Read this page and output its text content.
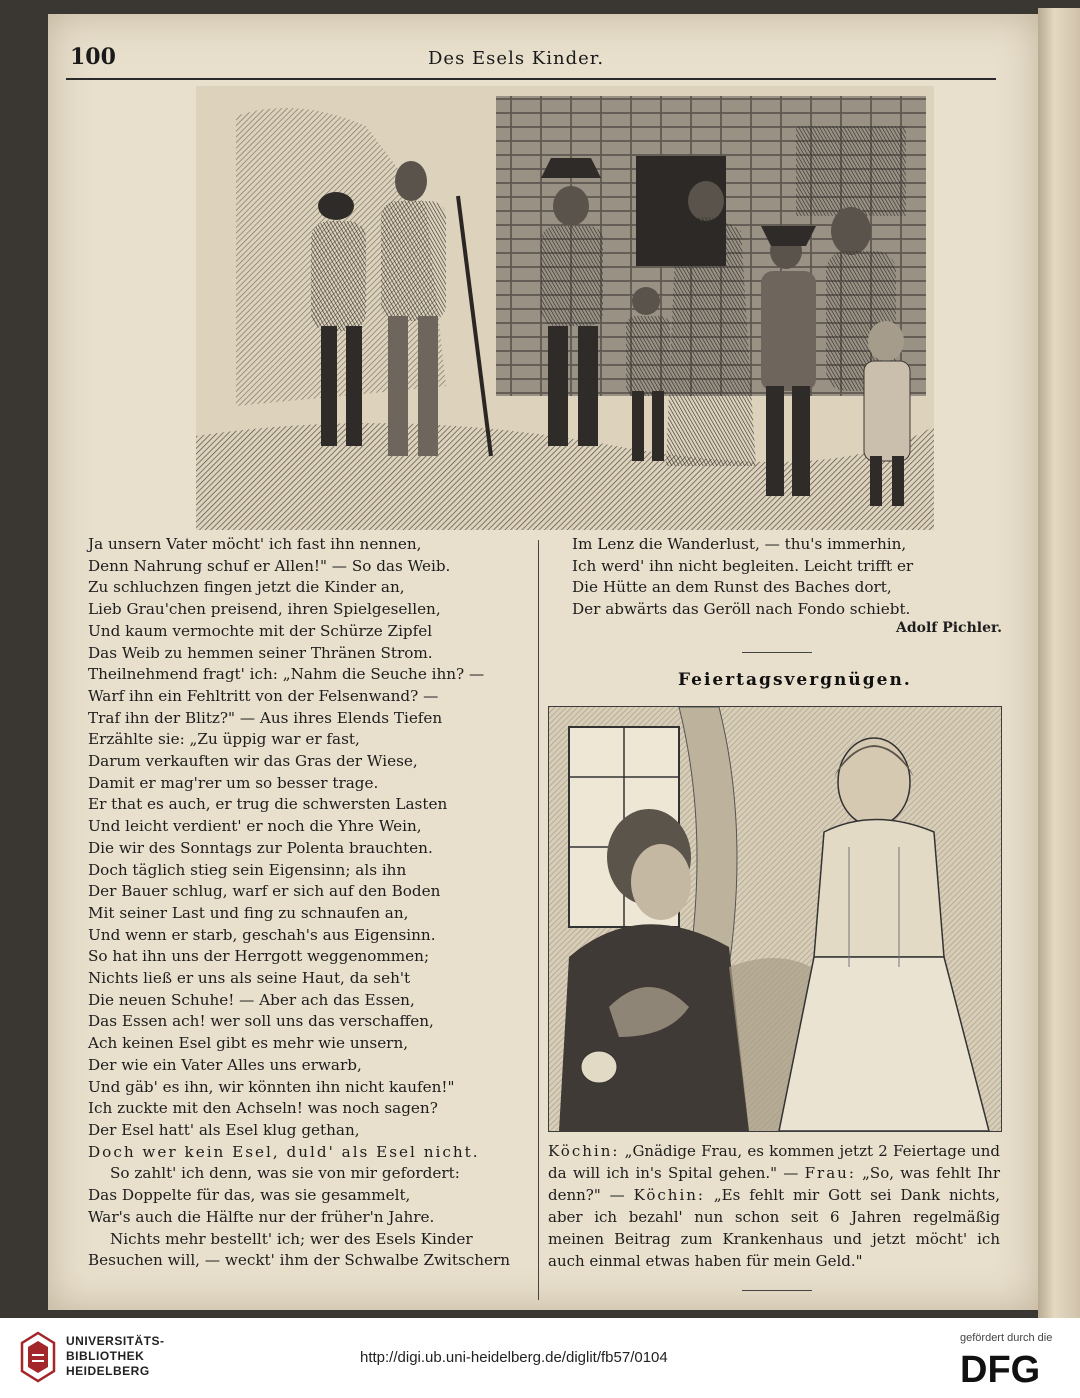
100	Des Esels Kinder.

Ja unsern Vater möcht' ich fast ihn nennen,

Denn Nahrung schuf er Allen!" — So das Weib.

Zu schluchzen fingen jetzt die Kinder an,

Lieb Grau'chen preisend, ihren Spielgesellen,

Und kaum vermochte mit der Schürze Zipfel

Das Weib zu hemmen seiner Thränen Strom.

Theilnehmend fragt' ich: „Nahm die Seuche ihn? —

Warf ihn ein Fehltritt von der Felsenwand? —

Traf ihn der Blitz?" — Aus ihres Elends Tiefen

Erzählte sie: „Zu üppig war er fast,

Darum verkauften wir das Gras der Wiese,

Damit er mag'rer um so besser trage.

Er that es auch, er trug die schwersten Lasten

Und leicht verdient' er noch die Yhre Wein,

Die wir des Sonntags zur Polenta brauchten.

Doch täglich stieg sein Eigensinn; als ihn

Der Bauer schlug, warf er sich auf den Boden

Mit seiner Last und fing zu schnaufen an,

Und wenn er starb, geschah's aus Eigensinn.

So hat ihn uns der Herrgott weggenommen;

Nichts ließ er uns als seine Haut, da seh't

Die neuen Schuhe! — Aber ach das Essen,

Das Essen ach! wer soll uns das verschaffen,

Ach keinen Esel gibt es mehr wie unsern,

Der wie ein Vater Alles uns erwarb,

Und gäb' es ihn, wir könnten ihn nicht kaufen!"

Ich zuckte mit den Achseln! was noch sagen?

Der Esel hatt' als Esel klug gethan,

Doch wer kein Esel, duld' als Esel nicht.

So zahlt' ich denn, was sie von mir gefordert:

Das Doppelte für das, was sie gesammelt,

War's auch die Hälfte nur der früher'n Jahre.

Nichts mehr bestellt' ich; wer des Esels Kinder

Besuchen will, — weckt' ihm der Schwalbe Zwitschern

Im Lenz die Wanderlust, — thu's immerhin,

Ich werd' ihn nicht begleiten. Leicht trifft er

Die Hütte an dem Runst des Baches dort,

Der abwärts das Geröll nach Fondo schiebt.

Adolf Pichler.
Feiertagsvergnügen.
Köchin: „Gnädige Frau, es kommen jetzt 2 Feiertage und da will ich in's Spital gehen." — Frau: „So, was fehlt Ihr denn?" — Köchin: „Es fehlt mir Gott sei Dank nichts, aber ich bezahl' nun schon seit 6 Jahren regelmäßig meinen Beitrag zum Krankenhaus und jetzt möcht' ich auch einmal etwas haben für mein Geld."
UNIVERSITÄTS-
BIBLIOTHEK
HEIDELBERG
http://digi.ub.uni-heidelberg.de/diglit/fb57/0104
gefördert durch die
DFG
